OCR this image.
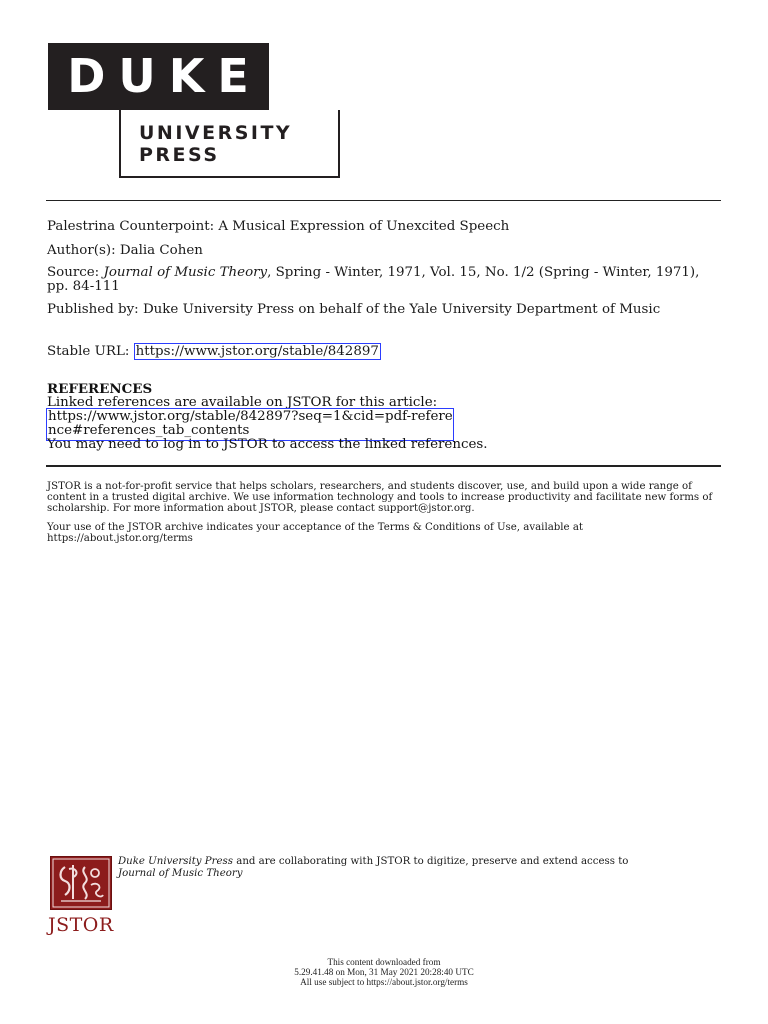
DUKE
UNIVERSITY
PRESS
Palestrina Counterpoint: A Musical Expression of Unexcited Speech
Author(s): Dalia Cohen
Source: Journal of Music Theory, Spring - Winter, 1971, Vol. 15, No. 1/2 (Spring - Winter, 1971), pp. 84-111
Published by: Duke University Press on behalf of the Yale University Department of Music
Stable URL: https://www.jstor.org/stable/842897
REFERENCES
Linked references are available on JSTOR for this article:
https://www.jstor.org/stable/842897?seq=1&cid=pdf-reference#references_tab_contents
You may need to log in to JSTOR to access the linked references.
JSTOR is a not-for-profit service that helps scholars, researchers, and students discover, use, and build upon a wide range of content in a trusted digital archive. We use information technology and tools to increase productivity and facilitate new forms of scholarship. For more information about JSTOR, please contact support@jstor.org.
Your use of the JSTOR archive indicates your acceptance of the Terms & Conditions of Use, available at https://about.jstor.org/terms
JSTOR
Duke University Press and are collaborating with JSTOR to digitize, preserve and extend access to Journal of Music Theory
This content downloaded from
5.29.41.48 on Mon, 31 May 2021 20:28:40 UTC
All use subject to https://about.jstor.org/terms
